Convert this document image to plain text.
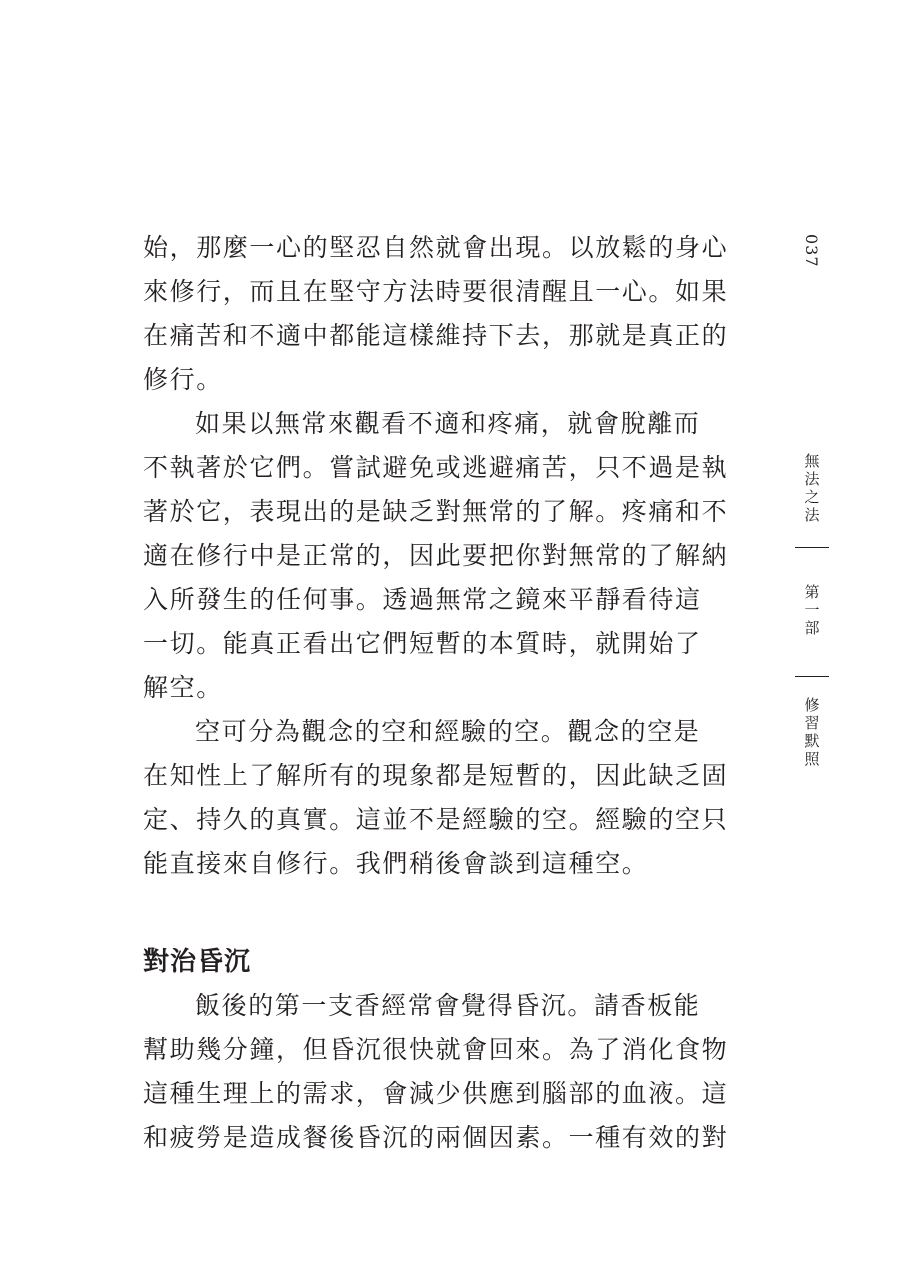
始，那麼一心的堅忍自然就會出現。以放鬆的身心
來修行，而且在堅守方法時要很清醒且一心。如果
在痛苦和不適中都能這樣維持下去，那就是真正的
修行。
如果以無常來觀看不適和疼痛，就會脫離而
不執著於它們。嘗試避免或逃避痛苦，只不過是執
著於它，表現出的是缺乏對無常的了解。疼痛和不
適在修行中是正常的，因此要把你對無常的了解納
入所發生的任何事。透過無常之鏡來平靜看待這
一切。能真正看出它們短暫的本質時，就開始了
解空。
空可分為觀念的空和經驗的空。觀念的空是
在知性上了解所有的現象都是短暫的，因此缺乏固
定、持久的真實。這並不是經驗的空。經驗的空只
能直接來自修行。我們稍後會談到這種空。
對治昏沉
飯後的第一支香經常會覺得昏沉。請香板能
幫助幾分鐘，但昏沉很快就會回來。為了消化食物
這種生理上的需求，會減少供應到腦部的血液。這
和疲勞是造成餐後昏沉的兩個因素。一種有效的對
037
無法之法
第一部
修習默照
